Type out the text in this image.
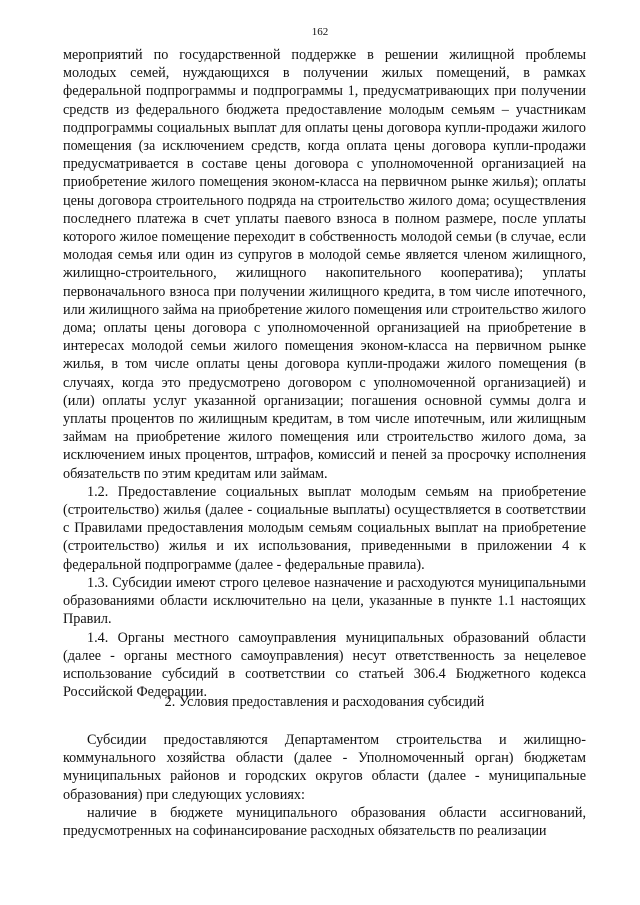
162

мероприятий по государственной поддержке в решении жилищной проблемы молодых семей, нуждающихся в получении жилых помещений, в рамках федеральной подпрограммы и подпрограммы 1, предусматривающих при получении средств из федерального бюджета предоставление молодым семьям – участникам подпрограммы социальных выплат для оплаты цены договора купли-продажи жилого помещения (за исключением средств, когда оплата цены договора купли-продажи предусматривается в составе цены договора с уполномоченной организацией на приобретение жилого помещения эконом-класса на первичном рынке жилья); оплаты цены договора строительного подряда на строительство жилого дома; осуществления последнего платежа в счет уплаты паевого взноса в полном размере, после уплаты которого жилое помещение переходит в собственность молодой семьи (в случае, если молодая семья или один из супругов в молодой семье является членом жилищного, жилищно-строительного, жилищного накопительного кооператива); уплаты первоначального взноса при получении жилищного кредита, в том числе ипотечного, или жилищного займа на приобретение жилого помещения или строительство жилого дома; оплаты цены договора с уполномоченной организацией на приобретение в интересах молодой семьи жилого помещения эконом-класса на первичном рынке жилья, в том числе оплаты цены договора купли-продажи жилого помещения (в случаях, когда это предусмотрено договором с уполномоченной организацией) и (или) оплаты услуг указанной организации; погашения основной суммы долга и уплаты процентов по жилищным кредитам, в том числе ипотечным, или жилищным займам на приобретение жилого помещения или строительство жилого дома, за исключением иных процентов, штрафов, комиссий и пеней за просрочку исполнения обязательств по этим кредитам или займам.

1.2. Предоставление социальных выплат молодым семьям на приобретение (строительство) жилья (далее - социальные выплаты) осуществляется в соответствии с Правилами предоставления молодым семьям социальных выплат на приобретение (строительство) жилья и их использования, приведенными в приложении 4 к федеральной подпрограмме (далее - федеральные правила).

1.3. Субсидии имеют строго целевое назначение и расходуются муниципальными образованиями области исключительно на цели, указанные в пункте 1.1 настоящих Правил.

1.4. Органы местного самоуправления муниципальных образований области (далее - органы местного самоуправления) несут ответственность за нецелевое использование субсидий в соответствии со статьей 306.4 Бюджетного кодекса Российской Федерации.

2. Условия предоставления и расходования субсидий

Субсидии предоставляются Департаментом строительства и жилищно-коммунального хозяйства области (далее - Уполномоченный орган) бюджетам муниципальных районов и городских округов области (далее - муниципальные образования) при следующих условиях:

наличие в бюджете муниципального образования области ассигнований, предусмотренных на софинансирование расходных обязательств по реализации
